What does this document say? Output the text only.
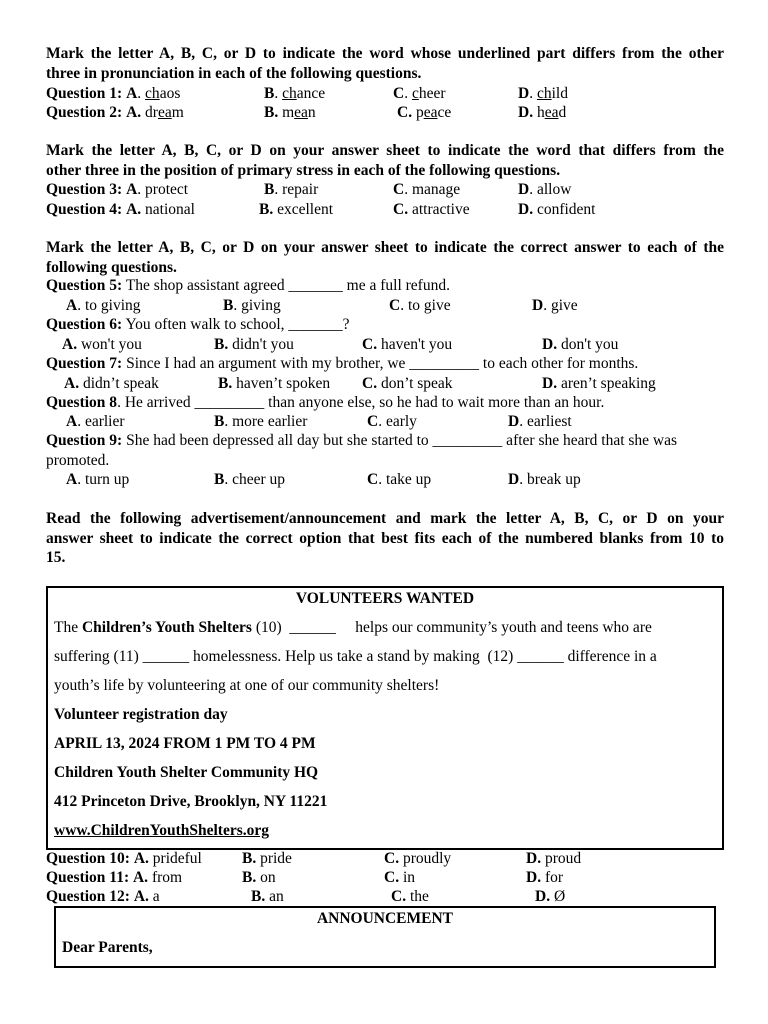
Mark the letter A, B, C, or D to indicate the word whose underlined part differs from the other
three in pronunciation in each of the following questions.
Question 1: A. chaos	B. chance	C. cheer	D. child
Question 2: A. dream	B. mean	C. peace	D. head
Mark the letter A, B, C, or D on your answer sheet to indicate the word that differs from the
other three in the position of primary stress in each of the following questions.
Question 3: A. protect	B. repair	C. manage	D. allow
Question 4: A. national	B. excellent	C. attractive	D. confident
Mark the letter A, B, C, or D on your answer sheet to indicate the correct answer to each of the
following questions.
Question 5: The shop assistant agreed _______ me a full refund.
A. to giving	B. giving	C. to give	D. give
Question 6: You often walk to school, _______?
A. won't you	B. didn't you	C. haven't you	D. don't you
Question 7: Since I had an argument with my brother, we _________ to each other for months.
A. didn’t speak	B. haven’t spoken C. don’t speak	D. aren’t speaking
Question 8. He arrived _________ than anyone else, so he had to wait more than an hour.
A. earlier	B. more earlier	C. early	D. earliest
Question 9: She had been depressed all day but she started to _________ after she heard that she was
promoted.
A. turn up	B. cheer up	C. take up	D. break up
Read the following advertisement/announcement and mark the letter A, B, C, or D on your
answer sheet to indicate the correct option that best fits each of the numbered blanks from 10 to
15.
VOLUNTEERS WANTED
The Children’s Youth Shelters (10)  ______     helps our community’s youth and teens who are
suffering (11) ______ homelessness. Help us take a stand by making  (12) ______ difference in a
youth’s life by volunteering at one of our community shelters!
Volunteer registration day
APRIL 13, 2024 FROM 1 PM TO 4 PM
Children Youth Shelter Community HQ
412 Princeton Drive, Brooklyn, NY 11221
www.ChildrenYouthShelters.org
Question 10: A. prideful	B. pride	C. proudly	D. proud
Question 11: A. from	B. on	C. in	D. for
Question 12: A. a	B. an	C. the	D. Ø
ANNOUNCEMENT
Dear Parents,
